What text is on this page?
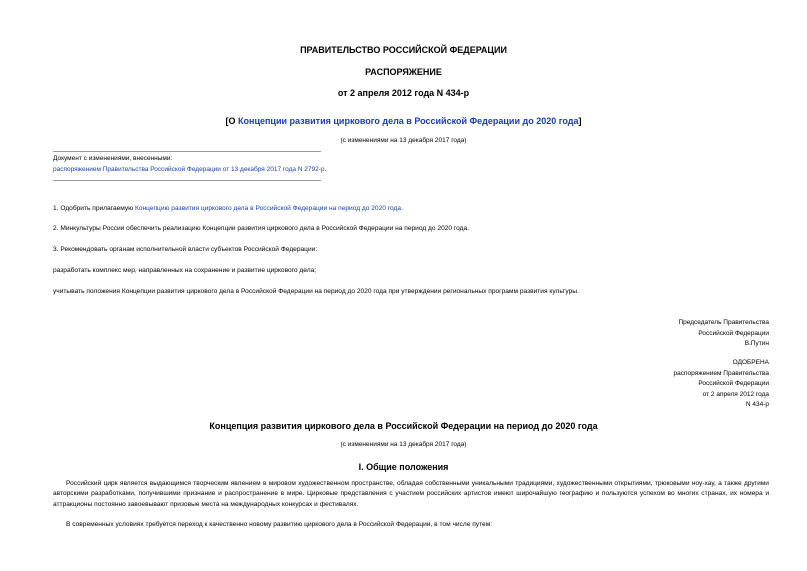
ПРАВИТЕЛЬСТВО РОССИЙСКОЙ ФЕДЕРАЦИИ
РАСПОРЯЖЕНИЕ
от 2 апреля 2012 года N 434-р
[О Концепции развития циркового дела в Российской Федерации до 2020 года]
(с изменениями на 13 декабря 2017 года)
Документ с изменениями, внесенными:
распоряжением Правительства Российской Федерации от 13 декабря 2017 года N 2792-р.
1. Одобрить прилагаемую Концепцию развития циркового дела в Российской Федерации на период до 2020 года.
2. Минкультуры России обеспечить реализацию Концепции развития циркового дела в Российской Федерации на период до 2020 года.
3. Рекомендовать органам исполнительной власти субъектов Российской Федерации:
разработать комплекс мер, направленных на сохранение и развитие циркового дела;
учитывать положения Концепции развития циркового дела в Российской Федерации на период до 2020 года при утверждении региональных программ развития культуры.
Председатель Правительства
Российской Федерации
В.Путин
ОДОБРЕНА
распоряжением Правительства
Российской Федерации
от 2 апреля 2012 года
N 434-р
Концепция развития циркового дела в Российской Федерации на период до 2020 года
(с изменениями на 13 декабря 2017 года)
I. Общие положения
Российский цирк является выдающимся творческим явлением в мировом художественном пространстве, обладая собственными уникальными традициями, художественными открытиями, трюковыми ноу-хау, а также другими авторскими разработками, получившими признание и распространение в мире. Цирковые представления с участием российских артистов имеют широчайшую географию и пользуются успехом во многих странах, их номера и аттракционы постоянно завоевывают призовые места на международных конкурсах и фестивалях.
В современных условиях требуется переход к качественно новому развитию циркового дела в Российской Федерации, в том числе путем:
